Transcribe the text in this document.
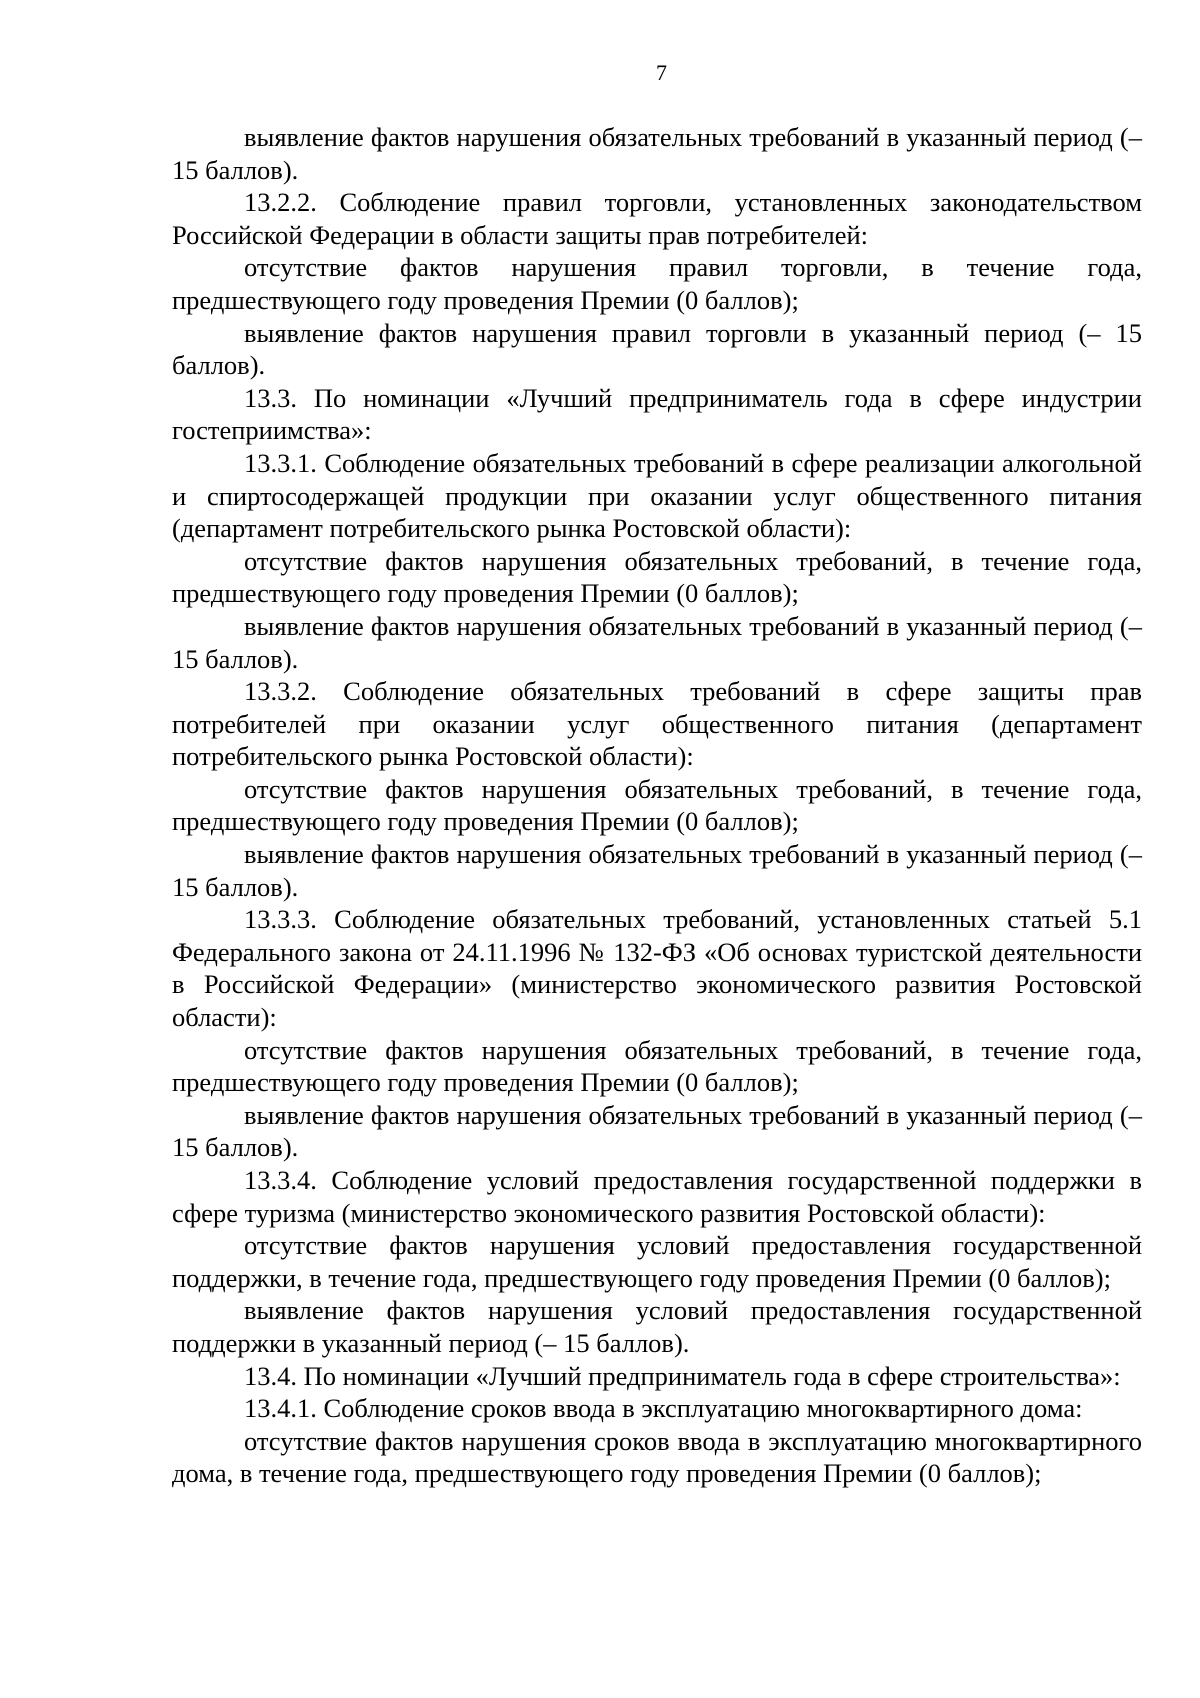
7

выявление фактов нарушения обязательных требований в указанный период (– 15 баллов).

13.2.2. Соблюдение правил торговли, установленных законодательством Российской Федерации в области защиты прав потребителей:

отсутствие фактов нарушения правил торговли, в течение года, предшествующего году проведения Премии (0 баллов);

выявление фактов нарушения правил торговли в указанный период (– 15 баллов).

13.3. По номинации «Лучший предприниматель года в сфере индустрии гостеприимства»:

13.3.1. Соблюдение обязательных требований в сфере реализации алкогольной и спиртосодержащей продукции при оказании услуг общественного питания (департамент потребительского рынка Ростовской области):

отсутствие фактов нарушения обязательных требований, в течение года, предшествующего году проведения Премии (0 баллов);

выявление фактов нарушения обязательных требований в указанный период (– 15 баллов).

13.3.2. Соблюдение обязательных требований в сфере защиты прав потребителей при оказании услуг общественного питания (департамент потребительского рынка Ростовской области):

отсутствие фактов нарушения обязательных требований, в течение года, предшествующего году проведения Премии (0 баллов);

выявление фактов нарушения обязательных требований в указанный период (– 15 баллов).

13.3.3. Соблюдение обязательных требований, установленных статьей 5.1 Федерального закона от 24.11.1996 № 132-ФЗ «Об основах туристской деятельности в Российской Федерации» (министерство экономического развития Ростовской области):

отсутствие фактов нарушения обязательных требований, в течение года, предшествующего году проведения Премии (0 баллов);

выявление фактов нарушения обязательных требований в указанный период (– 15 баллов).

13.3.4. Соблюдение условий предоставления государственной поддержки в сфере туризма (министерство экономического развития Ростовской области):

отсутствие фактов нарушения условий предоставления государственной поддержки, в течение года, предшествующего году проведения Премии (0 баллов);

выявление фактов нарушения условий предоставления государственной поддержки в указанный период (– 15 баллов).

13.4. По номинации «Лучший предприниматель года в сфере строительства»:

13.4.1. Соблюдение сроков ввода в эксплуатацию многоквартирного дома:

отсутствие фактов нарушения сроков ввода в эксплуатацию многоквартирного дома, в течение года, предшествующего году проведения Премии (0 баллов);
